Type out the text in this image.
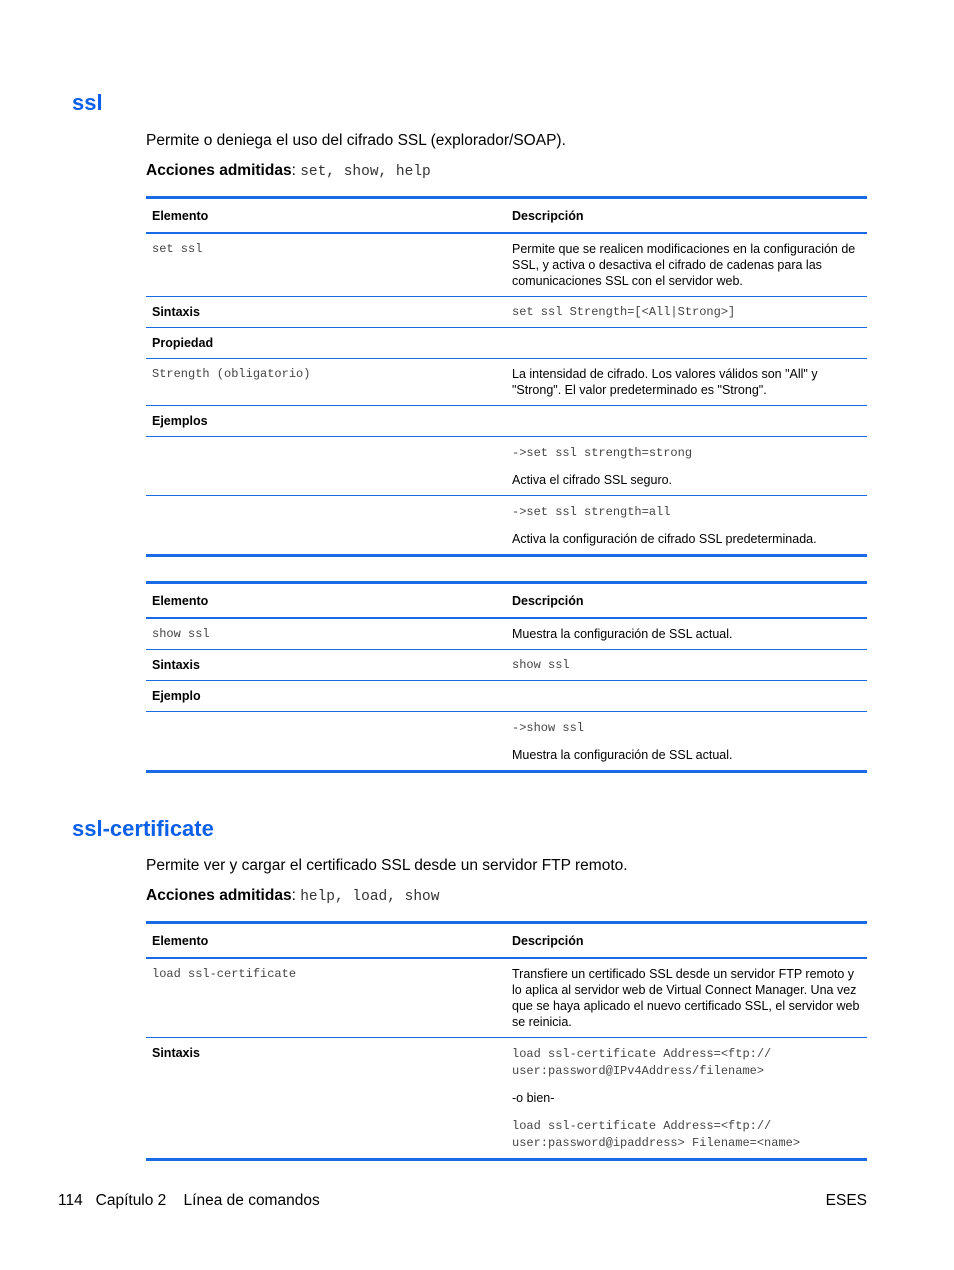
ssl

Permite o deniega el uso del cifrado SSL (explorador/SOAP).

Acciones admitidas: set, show, help

Elemento	Descripción
set ssl	Permite que se realicen modificaciones en la configuración de SSL, y activa o desactiva el cifrado de cadenas para las comunicaciones SSL con el servidor web.
Sintaxis	set ssl Strength=[<All|Strong>]
Propiedad	
Strength (obligatorio)	La intensidad de cifrado. Los valores válidos son "All" y "Strong". El valor predeterminado es "Strong".
Ejemplos	

	->set ssl strength=strong

Activa el cifrado SSL seguro.

	->set ssl strength=all

Activa la configuración de cifrado SSL predeterminada.

Elemento	Descripción
show ssl	Muestra la configuración de SSL actual.
Sintaxis	show ssl
Ejemplo	

	->show ssl

Muestra la configuración de SSL actual.

ssl-certificate

Permite ver y cargar el certificado SSL desde un servidor FTP remoto.

Acciones admitidas: help, load, show

Elemento	Descripción
load ssl-certificate	Transfiere un certificado SSL desde un servidor FTP remoto y lo aplica al servidor web de Virtual Connect Manager. Una vez que se haya aplicado el nuevo certificado SSL, el servidor web se reinicia.
Sintaxis	load ssl-certificate Address=<ftp://
user:password@IPv4Address/filename>

-o bien-

load ssl-certificate Address=<ftp://
user:password@ipaddress> Filename=<name>

114 Capítulo 2 Línea de comandos	ESES
